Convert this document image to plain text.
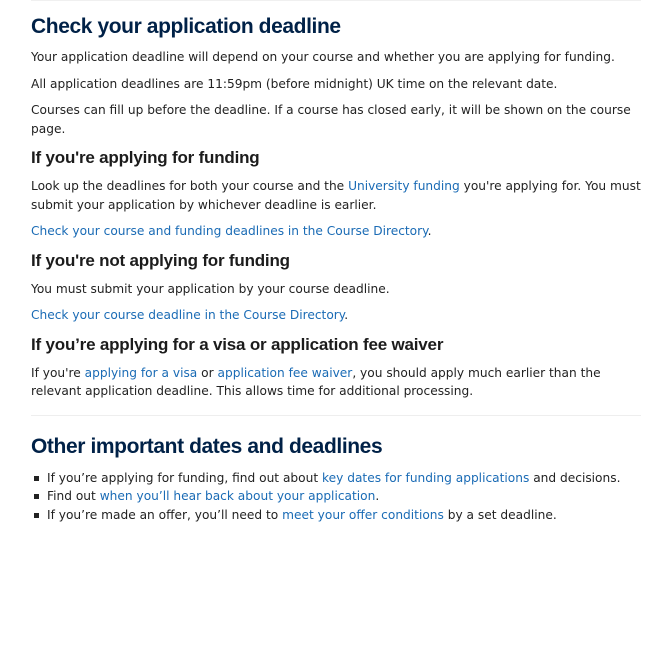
Check your application deadline

Your application deadline will depend on your course and whether you are applying for funding.

All application deadlines are 11:59pm (before midnight) UK time on the relevant date.

Courses can fill up before the deadline. If a course has closed early, it will be shown on the course page.

If you're applying for funding

Look up the deadlines for both your course and the University funding you're applying for. You must submit your application by whichever deadline is earlier.

Check your course and funding deadlines in the Course Directory.

If you're not applying for funding

You must submit your application by your course deadline.

Check your course deadline in the Course Directory.

If you’re applying for a visa or application fee waiver

If you're applying for a visa or application fee waiver, you should apply much earlier than the relevant application deadline. This allows time for additional processing.

Other important dates and deadlines
If you’re applying for funding, find out about key dates for funding applications and decisions.
Find out when you’ll hear back about your application.
If you’re made an offer, you’ll need to meet your offer conditions by a set deadline.
